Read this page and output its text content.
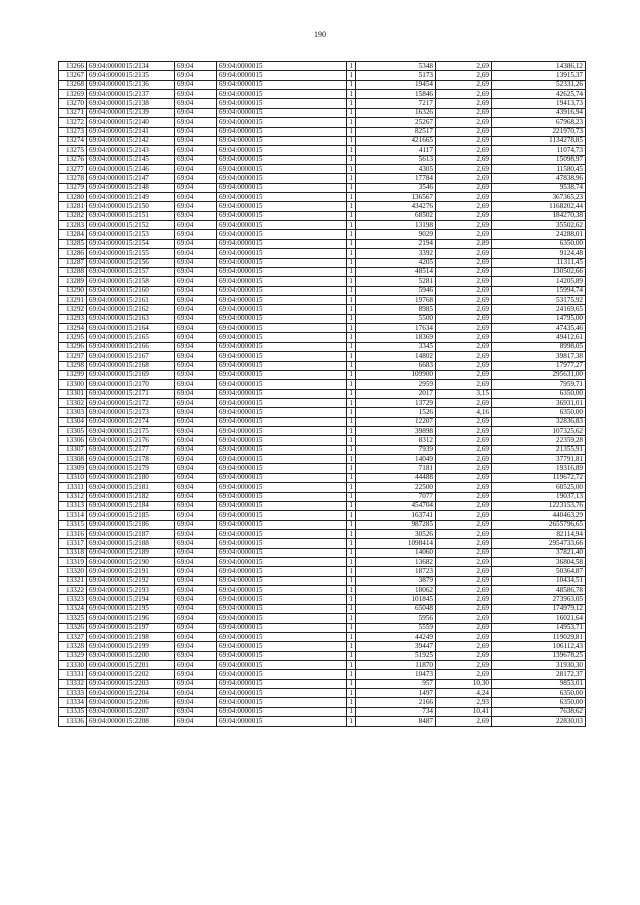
190
13266	69:04:0000015:2134	69:04	69:04:0000015	1	5348	2,69	14386,12
13267	69:04:0000015:2135	69:04	69:04:0000015	1	5173	2,69	13915,37
13268	69:04:0000015:2136	69:04	69:04:0000015	1	19454	2,69	52331,26
13269	69:04:0000015:2137	69:04	69:04:0000015	1	15846	2,69	42625,74
13270	69:04:0000015:2138	69:04	69:04:0000015	1	7217	2,69	19413,73
13271	69:04:0000015:2139	69:04	69:04:0000015	1	16326	2,69	43916,94
13272	69:04:0000015:2140	69:04	69:04:0000015	1	25267	2,69	67968,23
13273	69:04:0000015:2141	69:04	69:04:0000015	1	82517	2,69	221970,73
13274	69:04:0000015:2142	69:04	69:04:0000015	1	421665	2,69	1134278,85
13275	69:04:0000015:2143	69:04	69:04:0000015	1	4117	2,69	11074,73
13276	69:04:0000015:2145	69:04	69:04:0000015	1	5613	2,69	15098,97
13277	69:04:0000015:2146	69:04	69:04:0000015	1	4305	2,69	11580,45
13278	69:04:0000015:2147	69:04	69:04:0000015	1	17784	2,69	47838,96
13279	69:04:0000015:2148	69:04	69:04:0000015	1	3546	2,69	9538,74
13280	69:04:0000015:2149	69:04	69:04:0000015	1	136567	2,69	367365,23
13281	69:04:0000015:2150	69:04	69:04:0000015	1	434276	2,69	1168202,44
13282	69:04:0000015:2151	69:04	69:04:0000015	1	68502	2,69	184270,38
13283	69:04:0000015:2152	69:04	69:04:0000015	1	13198	2,69	35502,62
13284	69:04:0000015:2153	69:04	69:04:0000015	1	9029	2,69	24288,01
13285	69:04:0000015:2154	69:04	69:04:0000015	1	2194	2,89	6350,00
13286	69:04:0000015:2155	69:04	69:04:0000015	1	3392	2,69	9124,48
13287	69:04:0000015:2156	69:04	69:04:0000015	1	4205	2,69	11311,45
13288	69:04:0000015:2157	69:04	69:04:0000015	1	48514	2,69	130502,66
13289	69:04:0000015:2158	69:04	69:04:0000015	1	5281	2,69	14205,89
13290	69:04:0000015:2160	69:04	69:04:0000015	1	5946	2,69	15994,74
13291	69:04:0000015:2161	69:04	69:04:0000015	1	19768	2,69	53175,92
13292	69:04:0000015:2162	69:04	69:04:0000015	1	8985	2,69	24169,65
13293	69:04:0000015:2163	69:04	69:04:0000015	1	5500	2,69	14795,00
13294	69:04:0000015:2164	69:04	69:04:0000015	1	17634	2,69	47435,46
13295	69:04:0000015:2165	69:04	69:04:0000015	1	18369	2,69	49412,61
13296	69:04:0000015:2166	69:04	69:04:0000015	1	3345	2,69	8998,05
13297	69:04:0000015:2167	69:04	69:04:0000015	1	14802	2,69	39817,38
13298	69:04:0000015:2168	69:04	69:04:0000015	1	6683	2,69	17977,27
13299	69:04:0000015:2169	69:04	69:04:0000015	1	109900	2,69	295631,00
13300	69:04:0000015:2170	69:04	69:04:0000015	1	2959	2,69	7959,71
13301	69:04:0000015:2171	69:04	69:04:0000015	1	2017	3,15	6350,00
13302	69:04:0000015:2172	69:04	69:04:0000015	1	13729	2,69	36931,01
13303	69:04:0000015:2173	69:04	69:04:0000015	1	1526	4,16	6350,00
13304	69:04:0000015:2174	69:04	69:04:0000015	1	12207	2,69	32836,83
13305	69:04:0000015:2175	69:04	69:04:0000015	1	39898	2,69	107325,62
13306	69:04:0000015:2176	69:04	69:04:0000015	1	8312	2,69	22359,28
13307	69:04:0000015:2177	69:04	69:04:0000015	1	7939	2,69	21355,91
13308	69:04:0000015:2178	69:04	69:04:0000015	1	14049	2,69	37791,81
13309	69:04:0000015:2179	69:04	69:04:0000015	1	7181	2,69	19316,89
13310	69:04:0000015:2180	69:04	69:04:0000015	1	44488	2,69	119672,72
13311	69:04:0000015:2181	69:04	69:04:0000015	1	22500	2,69	60525,00
13312	69:04:0000015:2182	69:04	69:04:0000015	1	7077	2,69	19037,13
13313	69:04:0000015:2184	69:04	69:04:0000015	1	454704	2,69	1223153,76
13314	69:04:0000015:2185	69:04	69:04:0000015	1	163741	2,69	440463,29
13315	69:04:0000015:2186	69:04	69:04:0000015	1	987285	2,69	2655796,65
13316	69:04:0000015:2187	69:04	69:04:0000015	1	30526	2,69	82114,94
13317	69:04:0000015:2188	69:04	69:04:0000015	1	1098414	2,69	2954733,66
13318	69:04:0000015:2189	69:04	69:04:0000015	1	14060	2,69	37821,40
13319	69:04:0000015:2190	69:04	69:04:0000015	1	13682	2,69	36804,58
13320	69:04:0000015:2191	69:04	69:04:0000015	1	18723	2,69	50364,87
13321	69:04:0000015:2192	69:04	69:04:0000015	1	3879	2,69	10434,51
13322	69:04:0000015:2193	69:04	69:04:0000015	1	18062	2,69	48586,78
13323	69:04:0000015:2194	69:04	69:04:0000015	1	101845	2,69	273963,05
13324	69:04:0000015:2195	69:04	69:04:0000015	1	65048	2,69	174979,12
13325	69:04:0000015:2196	69:04	69:04:0000015	1	5956	2,69	16021,64
13326	69:04:0000015:2197	69:04	69:04:0000015	1	5559	2,69	14953,71
13327	69:04:0000015:2198	69:04	69:04:0000015	1	44249	2,69	119029,81
13328	69:04:0000015:2199	69:04	69:04:0000015	1	39447	2,69	106112,43
13329	69:04:0000015:2200	69:04	69:04:0000015	1	51925	2,69	139678,25
13330	69:04:0000015:2201	69:04	69:04:0000015	1	11870	2,69	31930,30
13331	69:04:0000015:2202	69:04	69:04:0000015	1	10473	2,69	28172,37
13332	69:04:0000015:2203	69:04	69:04:0000015	1	957	10,30	9853,01
13333	69:04:0000015:2204	69:04	69:04:0000015	1	1497	4,24	6350,00
13334	69:04:0000015:2206	69:04	69:04:0000015	1	2166	2,93	6350,00
13335	69:04:0000015:2207	69:04	69:04:0000015	1	734	10,41	7638,62
13336	69:04:0000015:2208	69:04	69:04:0000015	1	8487	2,69	22830,03
